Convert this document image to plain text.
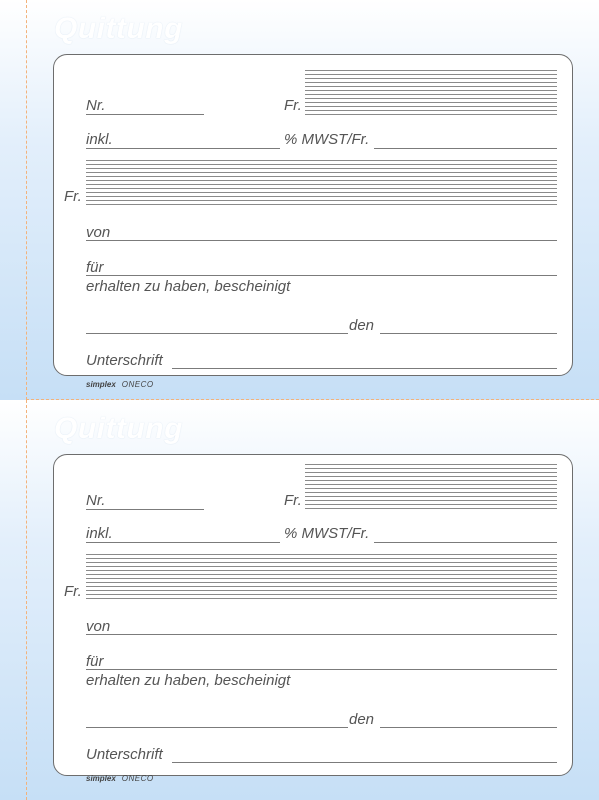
Quittung
Nr.	Fr.
inkl.	% MWST/Fr.
Fr.
von
für
erhalten zu haben, bescheinigt
den
Unterschrift
simplex ONECO
Quittung
Nr.	Fr.
inkl.	% MWST/Fr.
Fr.
von
für
erhalten zu haben, bescheinigt
den
Unterschrift
simplex ONECO
